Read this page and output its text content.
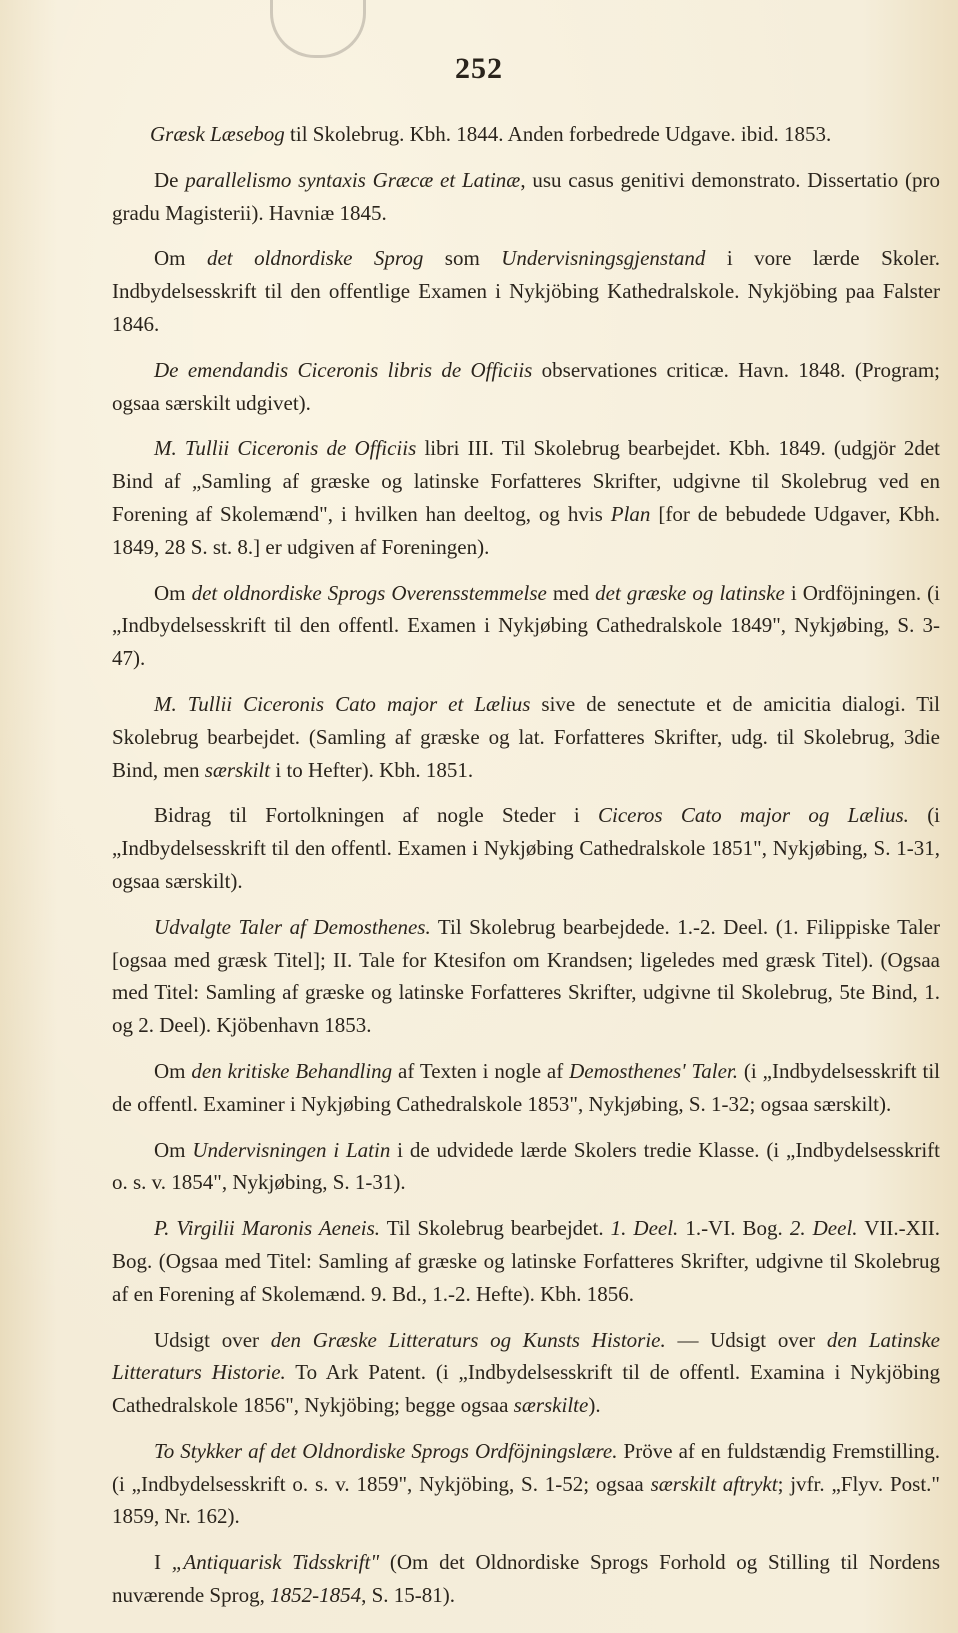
252

Græsk Læsebog til Skolebrug. Kbh. 1844. Anden forbedrede Udgave. ibid. 1853.

De parallelismo syntaxis Græcæ et Latinæ, usu casus genitivi demonstrato. Dissertatio (pro gradu Magisterii). Havniæ 1845.

Om det oldnordiske Sprog som Undervisningsgjenstand i vore lærde Skoler. Indbydelsesskrift til den offentlige Examen i Nykjöbing Kathedralskole. Nykjöbing paa Falster 1846.

De emendandis Ciceronis libris de Officiis observationes criticæ. Havn. 1848. (Program; ogsaa særskilt udgivet).

M. Tullii Ciceronis de Officiis libri III. Til Skolebrug bearbejdet. Kbh. 1849. (udgjör 2det Bind af „Samling af græske og latinske Forfatteres Skrifter, udgivne til Skolebrug ved en Forening af Skolemænd", i hvilken han deeltog, og hvis Plan [for de bebudede Udgaver, Kbh. 1849, 28 S. st. 8.] er udgiven af Foreningen).

Om det oldnordiske Sprogs Overensstemmelse med det græske og latinske i Ordföjningen. (i „Indbydelsesskrift til den offentl. Examen i Nykjøbing Cathedralskole 1849", Nykjøbing, S. 3-47).

M. Tullii Ciceronis Cato major et Lælius sive de senectute et de amicitia dialogi. Til Skolebrug bearbejdet. (Samling af græske og lat. Forfatteres Skrifter, udg. til Skolebrug, 3die Bind, men særskilt i to Hefter). Kbh. 1851.

Bidrag til Fortolkningen af nogle Steder i Ciceros Cato major og Lælius. (i „Indbydelsesskrift til den offentl. Examen i Nykjøbing Cathedralskole 1851", Nykjøbing, S. 1-31, ogsaa særskilt).

Udvalgte Taler af Demosthenes. Til Skolebrug bearbejdede. 1.-2. Deel. (1. Filippiske Taler [ogsaa med græsk Titel]; II. Tale for Ktesifon om Krandsen; ligeledes med græsk Titel). (Ogsaa med Titel: Samling af græske og latinske Forfatteres Skrifter, udgivne til Skolebrug, 5te Bind, 1. og 2. Deel). Kjöbenhavn 1853.

Om den kritiske Behandling af Texten i nogle af Demosthenes' Taler. (i „Indbydelsesskrift til de offentl. Examiner i Nykjøbing Cathedralskole 1853", Nykjøbing, S. 1-32; ogsaa særskilt).

Om Undervisningen i Latin i de udvidede lærde Skolers tredie Klasse. (i „Indbydelsesskrift o. s. v. 1854", Nykjøbing, S. 1-31).

P. Virgilii Maronis Aeneis. Til Skolebrug bearbejdet. 1. Deel. 1.-VI. Bog. 2. Deel. VII.-XII. Bog. (Ogsaa med Titel: Samling af græske og latinske Forfatteres Skrifter, udgivne til Skolebrug af en Forening af Skolemænd. 9. Bd., 1.-2. Hefte). Kbh. 1856.

Udsigt over den Græske Litteraturs og Kunsts Historie. — Udsigt over den Latinske Litteraturs Historie. To Ark Patent. (i „Indbydelsesskrift til de offentl. Examina i Nykjöbing Cathedralskole 1856", Nykjöbing; begge ogsaa særskilte).

To Stykker af det Oldnordiske Sprogs Ordföjningslære. Pröve af en fuldstændig Fremstilling. (i „Indbydelsesskrift o. s. v. 1859", Nykjöbing, S. 1-52; ogsaa særskilt aftrykt; jvfr. „Flyv. Post." 1859, Nr. 162).

I „Antiquarisk Tidsskrift" (Om det Oldnordiske Sprogs Forhold og Stilling til Nordens nuværende Sprog, 1852-1854, S. 15-81).
